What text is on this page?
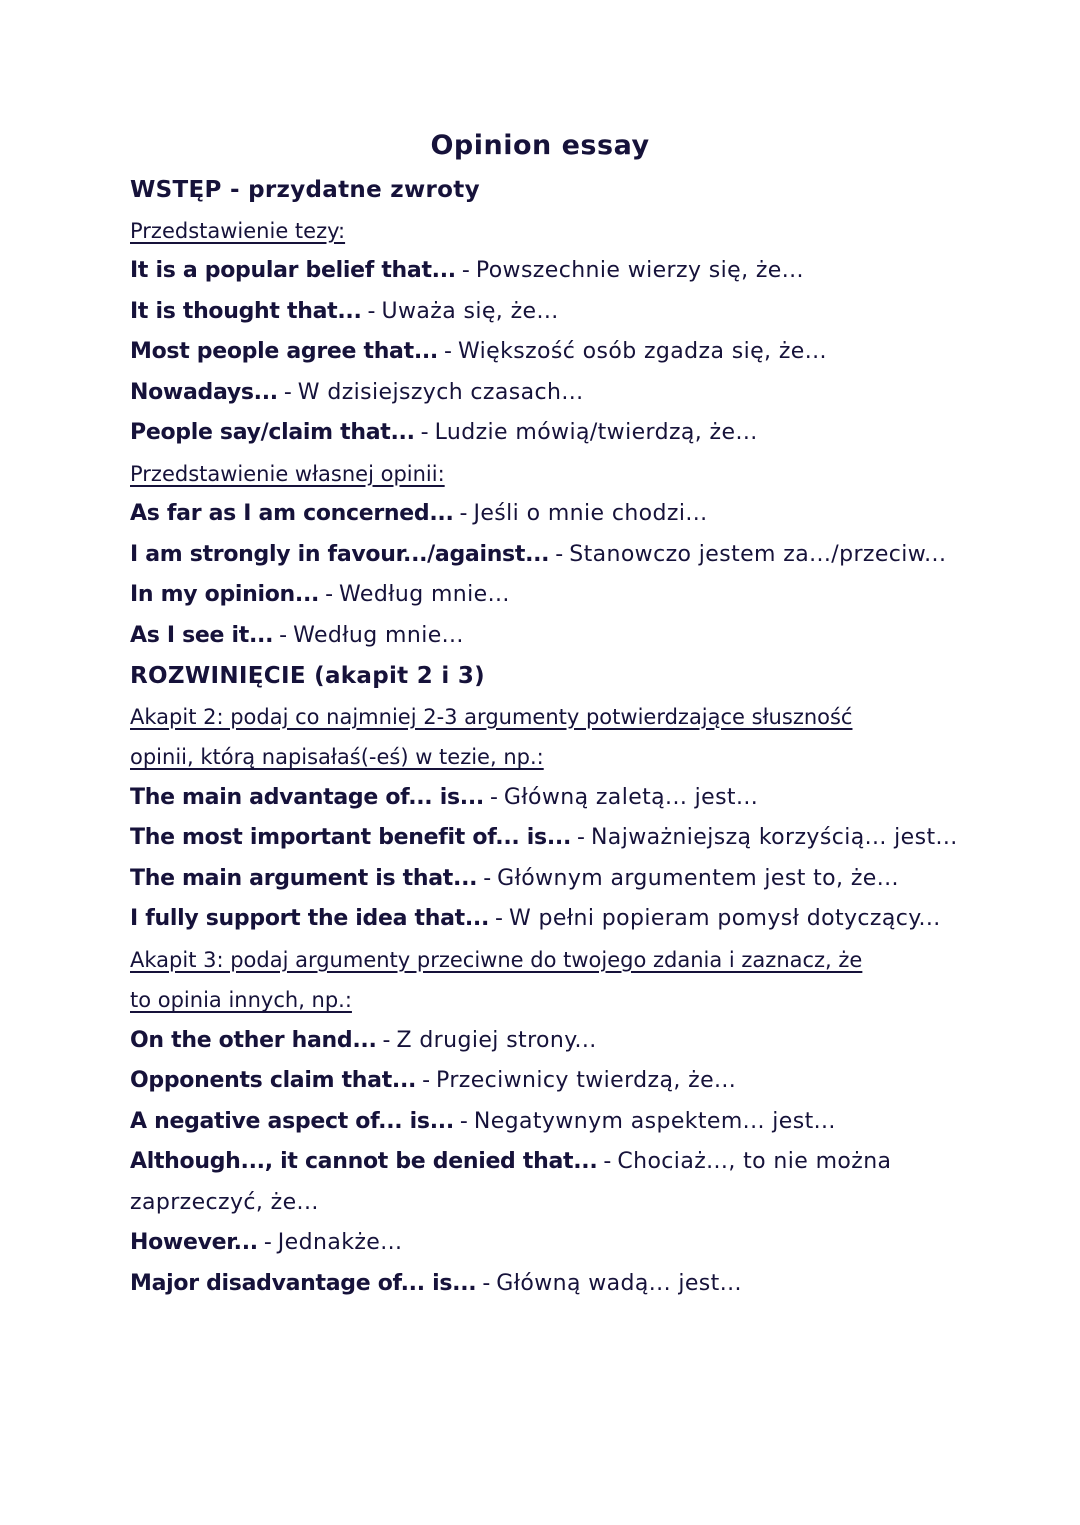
Opinion essay
WSTĘP - przydatne zwroty
Przedstawienie tezy:
It is a popular belief that... - Powszechnie wierzy się, że...
It is thought that... - Uważa się, że...
Most people agree that... - Większość osób zgadza się, że...
Nowadays... - W dzisiejszych czasach...
People say/claim that... - Ludzie mówią/twierdzą, że...
Przedstawienie własnej opinii:
As far as I am concerned... - Jeśli o mnie chodzi...
I am strongly in favour.../against... - Stanowczo jestem za.../przeciw...
In my opinion... - Według mnie...
As I see it... - Według mnie...
ROZWINIĘCIE (akapit 2 i 3)
Akapit 2: podaj co najmniej 2-3 argumenty potwierdzające słuszność
opinii, którą napisałaś(-eś) w tezie, np.:
The main advantage of... is... - Główną zaletą... jest...
The most important benefit of... is... - Najważniejszą korzyścią... jest...
The main argument is that... - Głównym argumentem jest to, że...
I fully support the idea that... - W pełni popieram pomysł dotyczący...
Akapit 3: podaj argumenty przeciwne do twojego zdania i zaznacz, że
to opinia innych, np.:
On the other hand... - Z drugiej strony...
Opponents claim that... - Przeciwnicy twierdzą, że...
A negative aspect of... is... - Negatywnym aspektem... jest...
Although..., it cannot be denied that... - Chociaż..., to nie można
zaprzeczyć, że...
However... - Jednakże...
Major disadvantage of... is... - Główną wadą... jest...
